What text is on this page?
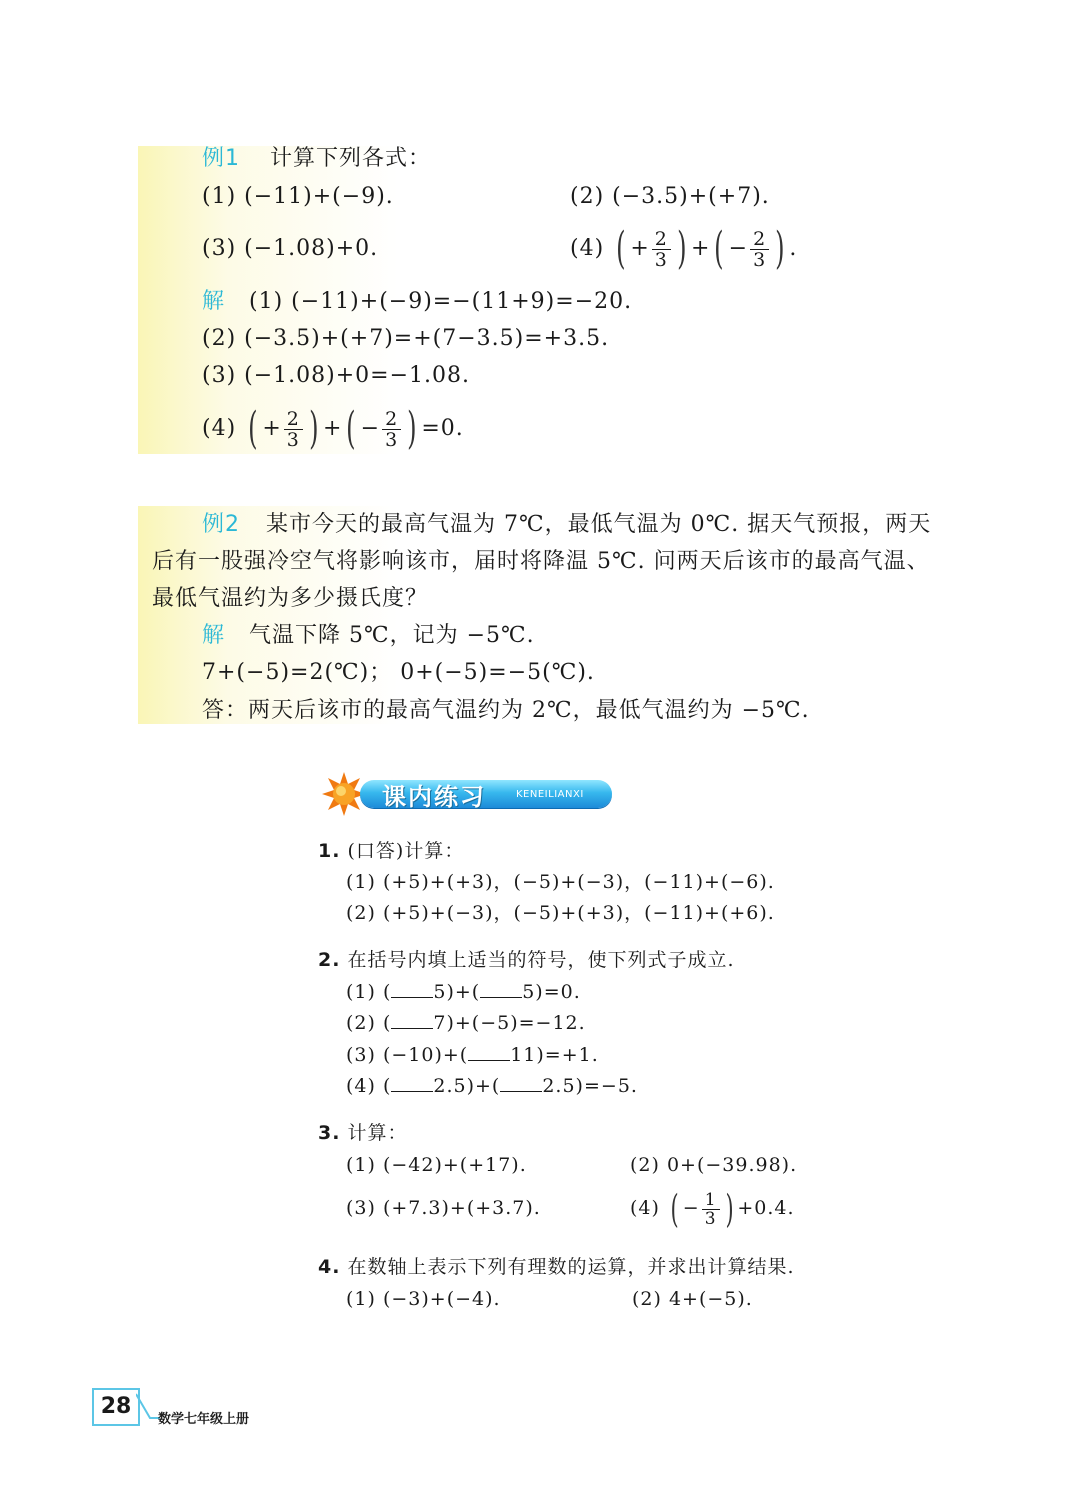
例1 计算下列各式：
(1) (−11)+(−9).	(2) (−3.5)+(+7).
(3) (−1.08)+0.	(4) ( + $\frac{2}{3}$ ) +( − $\frac{2}{3}$ ) .
解 (1) (−11)+(−9)=−(11+9)=−20.
(2) (−3.5)+(+7)=+(7−3.5)=+3.5.
(3) (−1.08)+0=−1.08.
(4) ( + $\frac{2}{3}$ ) +( − $\frac{2}{3}$ ) =0.
例2 某市今天的最高气温为 7℃，最低气温为 0℃. 据天气预报，两天
后有一股强冷空气将影响该市，届时将降温 5℃. 问两天后该市的最高气温、
最低气温约为多少摄氏度？
解 气温下降 5℃，记为 −5℃.
7+(−5)=2(℃)； 0+(−5)=−5(℃).
答：两天后该市的最高气温约为 2℃，最低气温约为 −5℃.
课内练习	KENEILIANXI
1. (口答)计算：
(1) (+5)+(+3)，(−5)+(−3)，(−11)+(−6).
(2) (+5)+(−3)，(−5)+(+3)，(−11)+(+6).
2. 在括号内填上适当的符号，使下列式子成立.
(1) ( 5)+( 5)=0.
(2) ( 7)+(−5)=−12.
(3) (−10)+( 11)=+1.
(4) ( 2.5)+( 2.5)=−5.
3. 计算：
(1) (−42)+(+17).	(2) 0+(−39.98).
(3) (+7.3)+(+3.7).	(4) ( − $\frac{1}{3}$ ) +0.4.
4. 在数轴上表示下列有理数的运算，并求出计算结果.
(1) (−3)+(−4).	(2) 4+(−5).
28
数学七年级上册
